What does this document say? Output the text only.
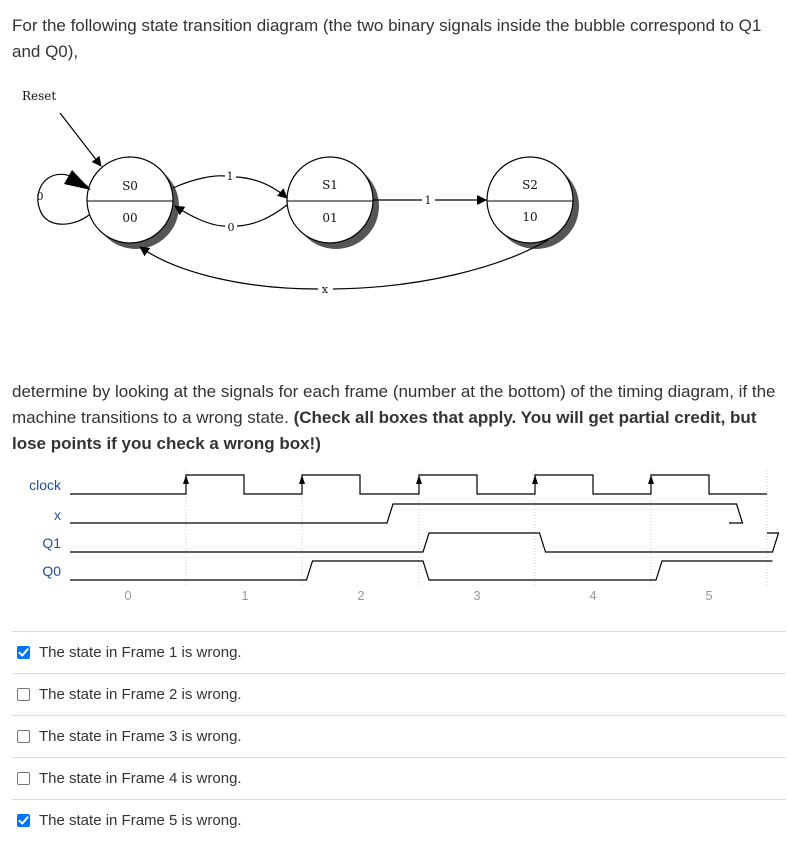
For the following state transition diagram (the two binary signals inside the bubble correspond to Q1 and Q0),

Reset
S0
00
S1
01
S2
10
0
1
0
1
x

determine by looking at the signals for each frame (number at the bottom) of the timing diagram, if the machine transitions to a wrong state. (Check all boxes that apply. You will get partial credit, but lose points if you check a wrong box!)

clock
x
Q1
Q0
0	1	2	3	4	5
The state in Frame 1 is wrong.
The state in Frame 2 is wrong.
The state in Frame 3 is wrong.
The state in Frame 4 is wrong.
The state in Frame 5 is wrong.
